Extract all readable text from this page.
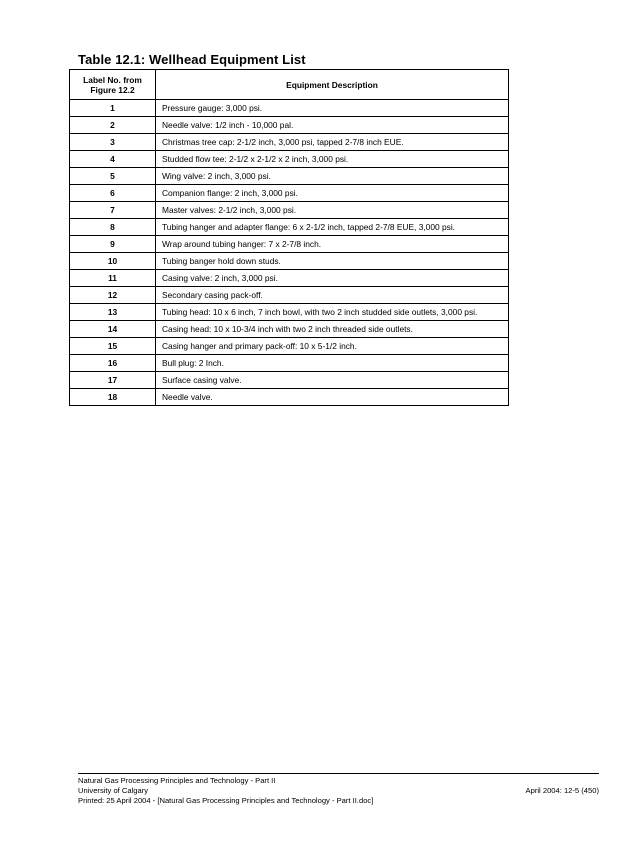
Table 12.1: Wellhead Equipment List
Label No. from Figure 12.2	Equipment Description
1	Pressure gauge: 3,000 psi.
2	Needle valve: 1/2 inch - 10,000 pal.
3	Christmas tree cap: 2-1/2 inch, 3,000 psi, tapped 2-7/8 inch EUE.
4	Studded flow tee: 2-1/2 x 2-1/2 x 2 inch, 3,000 psi.
5	Wing valve: 2 inch, 3,000 psi.
6	Companion flange: 2 inch, 3,000 psi.
7	Master valves: 2-1/2 inch, 3,000 psi.
8	Tubing hanger and adapter flange: 6 x 2-1/2 inch, tapped 2-7/8 EUE, 3,000 psi.
9	Wrap around tubing hanger: 7 x 2-7/8 inch.
10	Tubing banger hold down studs.
11	Casing valve: 2 inch, 3,000 psi.
12	Secondary casing pack-off.
13	Tubing head: 10 x 6 inch, 7 inch bowl, with two 2 inch studded side outlets, 3,000 psi.
14	Casing head: 10 x 10-3/4 inch with two 2 inch threaded side outlets.
15	Casing hanger and primary pack-off: 10 x 5-1/2 inch.
16	Bull plug: 2 Inch.
17	Surface casing valve.
18	Needle valve.
Natural Gas Processing Principles and Technology - Part II
University of Calgary
Printed: 25 April 2004 - [Natural Gas Processing Principles and Technology - Part II.doc]
April 2004: 12-5 (450)
